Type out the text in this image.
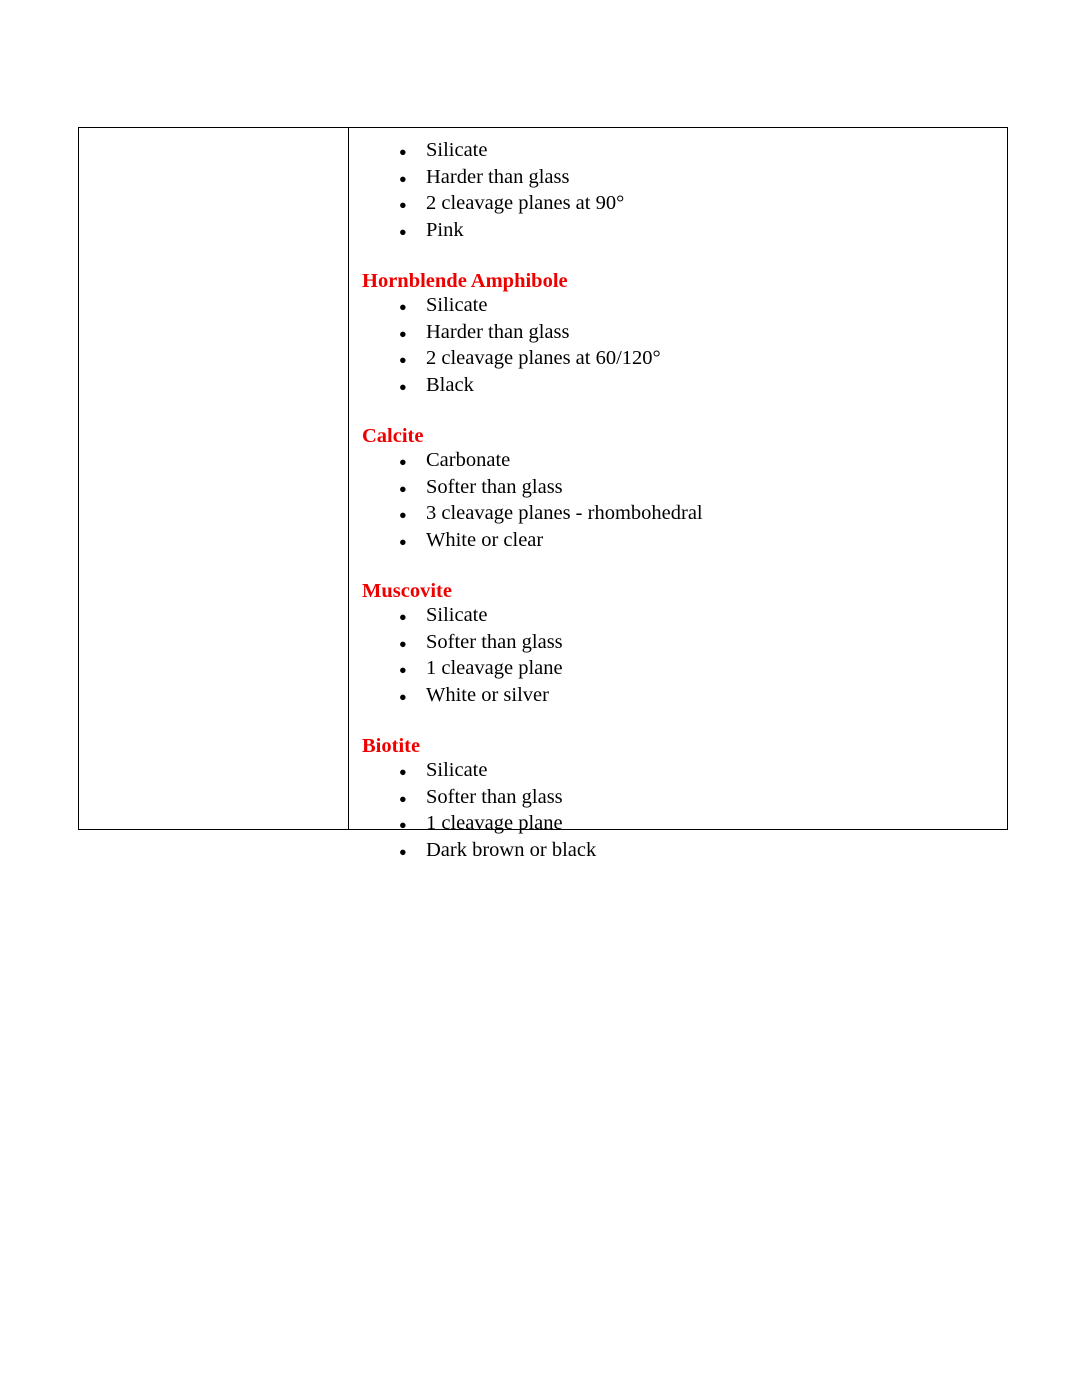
● Silicate
● Harder than glass
● 2 cleavage planes at 90°
● Pink
Hornblende Amphibole
● Silicate
● Harder than glass
● 2 cleavage planes at 60/120°
● Black
Calcite
● Carbonate
● Softer than glass
● 3 cleavage planes - rhombohedral
● White or clear
Muscovite
● Silicate
● Softer than glass
● 1 cleavage plane
● White or silver
Biotite
● Silicate
● Softer than glass
● 1 cleavage plane
● Dark brown or black
